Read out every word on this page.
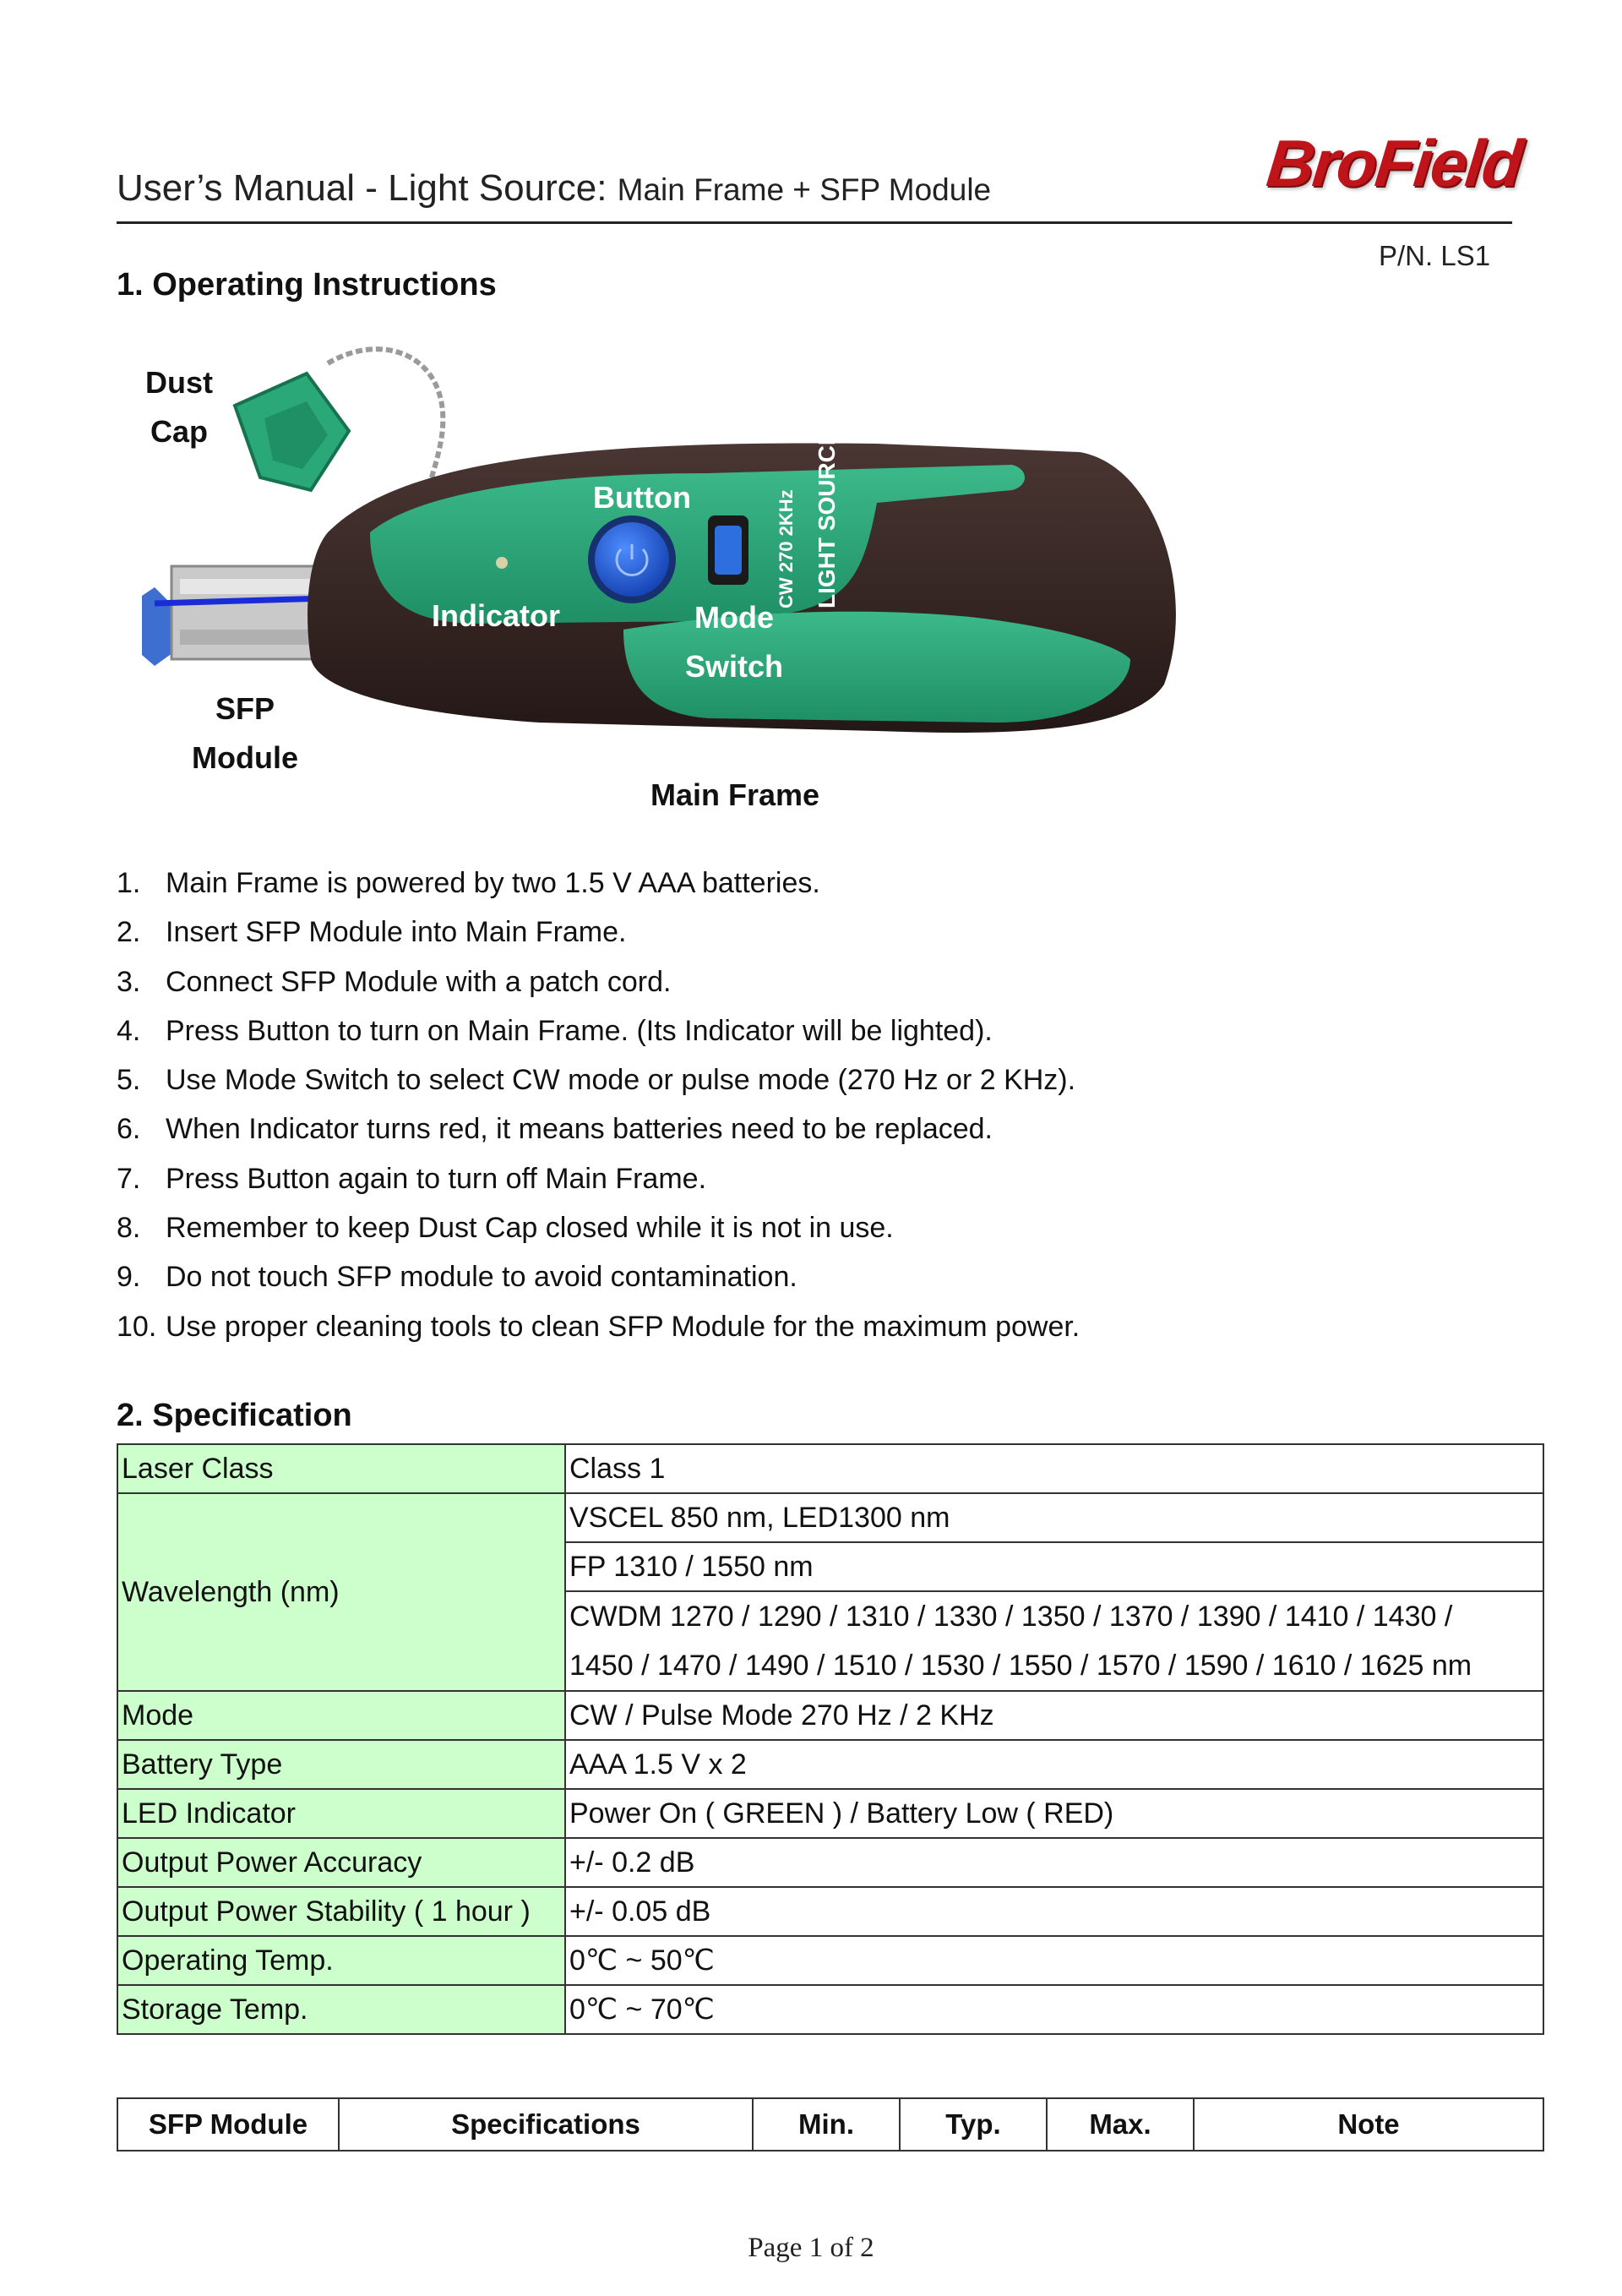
User’s Manual - Light Source: Main Frame + SFP Module	BroField
P/N. LS1
1. Operating Instructions
CW 270 2KHz LIGHT SOURCE
Dust
Cap
Button
Indicator	Mode
Switch
SFP
Module
Main Frame
1. Main Frame is powered by two 1.5 V AAA batteries.
2. Insert SFP Module into Main Frame.
3. Connect SFP Module with a patch cord.
4. Press Button to turn on Main Frame. (Its Indicator will be lighted).
5. Use Mode Switch to select CW mode or pulse mode (270 Hz or 2 KHz).
6. When Indicator turns red, it means batteries need to be replaced.
7. Press Button again to turn off Main Frame.
8. Remember to keep Dust Cap closed while it is not in use.
9. Do not touch SFP module to avoid contamination.
10. Use proper cleaning tools to clean SFP Module for the maximum power.
2. Specification
Laser Class	Class 1
Wavelength (nm)	VSCEL 850 nm, LED1300 nm
	FP 1310 / 1550 nm

	CWDM 1270 / 1290 / 1310 / 1330 / 1350 / 1370 / 1390 / 1410 / 1430 /
1450 / 1470 / 1490 / 1510 / 1530 / 1550 / 1570 / 1590 / 1610 / 1625 nm

Mode	CW / Pulse Mode 270 Hz / 2 KHz
Battery Type	AAA 1.5 V x 2
LED Indicator	Power On ( GREEN ) / Battery Low ( RED)
Output Power Accuracy	+/- 0.2 dB
Output Power Stability ( 1 hour )	+/- 0.05 dB
Operating Temp.	0℃ ~ 50℃
Storage Temp.	0℃ ~ 70℃
SFP Module	Specifications	Min.	Typ.	Max.	Note
Page 1 of 2
